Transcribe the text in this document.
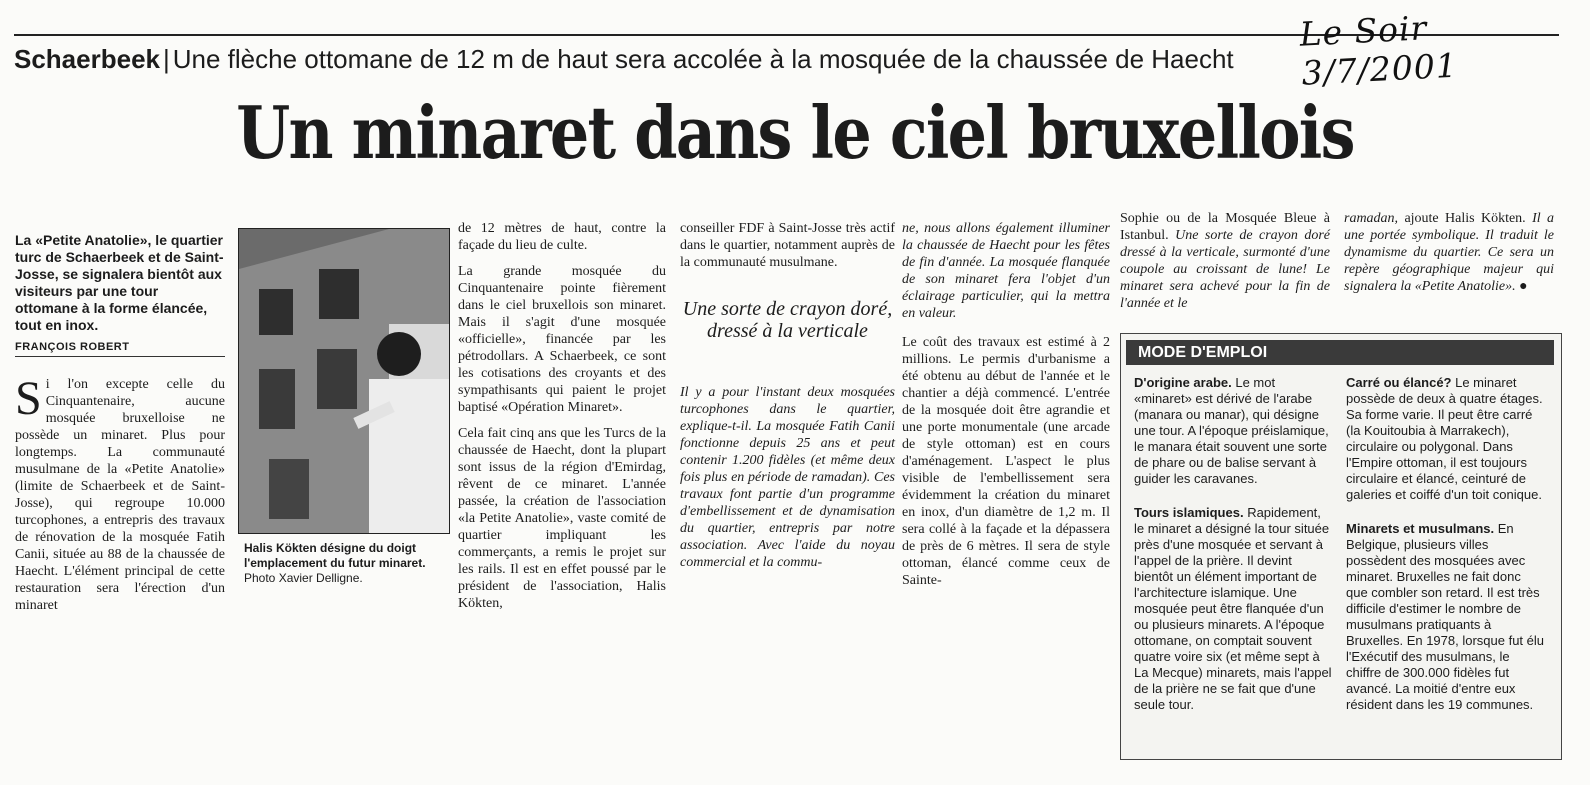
Le Soir 3/7/2001
Schaerbeek | Une flèche ottomane de 12 m de haut sera accolée à la mosquée de la chaussée de Haecht
Un minaret dans le ciel bruxellois
La «Petite Anatolie», le quartier turc de Schaerbeek et de Saint-Josse, se signalera bientôt aux visiteurs par une tour ottomane à la forme élancée, tout en inox.
FRANÇOIS ROBERT

Si l'on excepte celle du Cinquantenaire, aucune mosquée bruxelloise ne possède un minaret. Plus pour longtemps. La communauté musulmane de la «Petite Anatolie» (limite de Schaerbeek et de Saint-Josse), qui regroupe 10.000 turcophones, a entrepris des travaux de rénovation de la mosquée Fatih Canii, située au 88 de la chaussée de Haecht. L'élément principal de cette restauration sera l'érection d'un minaret

Halis Kökten désigne du doigt l'emplacement du futur minaret.
Photo Xavier Delligne.

de 12 mètres de haut, contre la façade du lieu de culte.

La grande mosquée du Cinquantenaire pointe fièrement dans le ciel bruxellois son minaret. Mais il s'agit d'une mosquée «officielle», financée par les pétrodollars. A Schaerbeek, ce sont les cotisations des croyants et des sympathisants qui paient le projet baptisé «Opération Minaret».

Cela fait cinq ans que les Turcs de la chaussée de Haecht, dont la plupart sont issus de la région d'Emirdag, rêvent de ce minaret. L'année passée, la création de l'association «la Petite Anatolie», vaste comité de quartier impliquant les commerçants, a remis le projet sur les rails. Il est en effet poussé par le président de l'association, Halis Kökten,

conseiller FDF à Saint-Josse très actif dans le quartier, notamment auprès de la communauté musulmane.

Une sorte de crayon doré, dressé à la verticale

Il y a pour l'instant deux mosquées turcophones dans le quartier, explique-t-il. La mosquée Fatih Canii fonctionne depuis 25 ans et peut contenir 1.200 fidèles (et même deux fois plus en période de ramadan). Ces travaux font partie d'un programme d'embellissement et de dynamisation du quartier, entrepris par notre association. Avec l'aide du noyau commercial et la commu-

ne, nous allons également illuminer la chaussée de Haecht pour les fêtes de fin d'année. La mosquée flanquée de son minaret fera l'objet d'un éclairage particulier, qui la mettra en valeur.

Le coût des travaux est estimé à 2 millions. Le permis d'urbanisme a été obtenu au début de l'année et le chantier a déjà commencé. L'entrée de la mosquée doit être agrandie et une porte monumentale (une arcade de style ottoman) est en cours d'aménagement. L'aspect le plus visible de l'embellissement sera évidemment la création du minaret en inox, d'un diamètre de 1,2 m. Il sera collé à la façade et la dépassera de près de 6 mètres. Il sera de style ottoman, élancé comme ceux de Sainte-

Sophie ou de la Mosquée Bleue à Istanbul. Une sorte de crayon doré dressé à la verticale, surmonté d'une coupole au croissant de lune! Le minaret sera achevé pour la fin de l'année et le

ramadan, ajoute Halis Kökten. Il a une portée symbolique. Il traduit le dynamisme du quartier. Ce sera un repère géographique majeur qui signalera la «Petite Anatolie». ●

MODE D'EMPLOI

D'origine arabe. Le mot «minaret» est dérivé de l'arabe (manara ou manar), qui désigne une tour. A l'époque préislamique, le manara était souvent une sorte de phare ou de balise servant à guider les caravanes.

Tours islamiques. Rapidement, le minaret a désigné la tour située près d'une mosquée et servant à l'appel de la prière. Il devint bientôt un élément important de l'architecture islamique. Une mosquée peut être flanquée d'un ou plusieurs minarets. A l'époque ottomane, on comptait souvent quatre voire six (et même sept à La Mecque) minarets, mais l'appel de la prière ne se fait que d'une seule tour.

Carré ou élancé? Le minaret possède de deux à quatre étages. Sa forme varie. Il peut être carré (la Kouitoubia à Marrakech), circulaire ou polygonal. Dans l'Empire ottoman, il est toujours circulaire et élancé, ceinturé de galeries et coiffé d'un toit conique.

Minarets et musulmans. En Belgique, plusieurs villes possèdent des mosquées avec minaret. Bruxelles ne fait donc que combler son retard. Il est très difficile d'estimer le nombre de musulmans pratiquants à Bruxelles. En 1978, lorsque fut élu l'Exécutif des musulmans, le chiffre de 300.000 fidèles fut avancé. La moitié d'entre eux résident dans les 19 communes.
